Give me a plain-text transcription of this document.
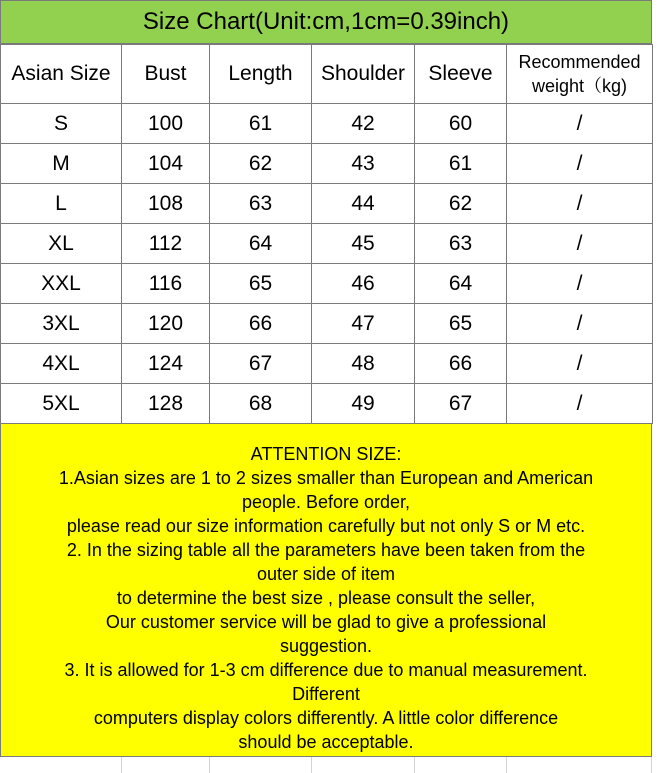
Size Chart(Unit:cm,1cm=0.39inch)
Asian Size	Bust	Length	Shoulder	Sleeve	Recommended
weight（kg)

S	100	61	42	60	/
M	104	62	43	61	/
L	108	63	44	62	/
XL	112	64	45	63	/
XXL	116	65	46	64	/
3XL	120	66	47	65	/
4XL	124	67	48	66	/
5XL	128	68	49	67	/
ATTENTION SIZE:
1.Asian sizes are 1 to 2 sizes smaller than European and American
people. Before order,
please read our size information carefully but not only S or M etc.
2. In the sizing table all the parameters have been taken from the
outer side of item
to determine the best size , please consult the seller,
Our customer service will be glad to give a professional
suggestion.
3. It is allowed for 1-3 cm difference due to manual measurement.
Different
computers display colors differently. A little color difference
should be acceptable.
